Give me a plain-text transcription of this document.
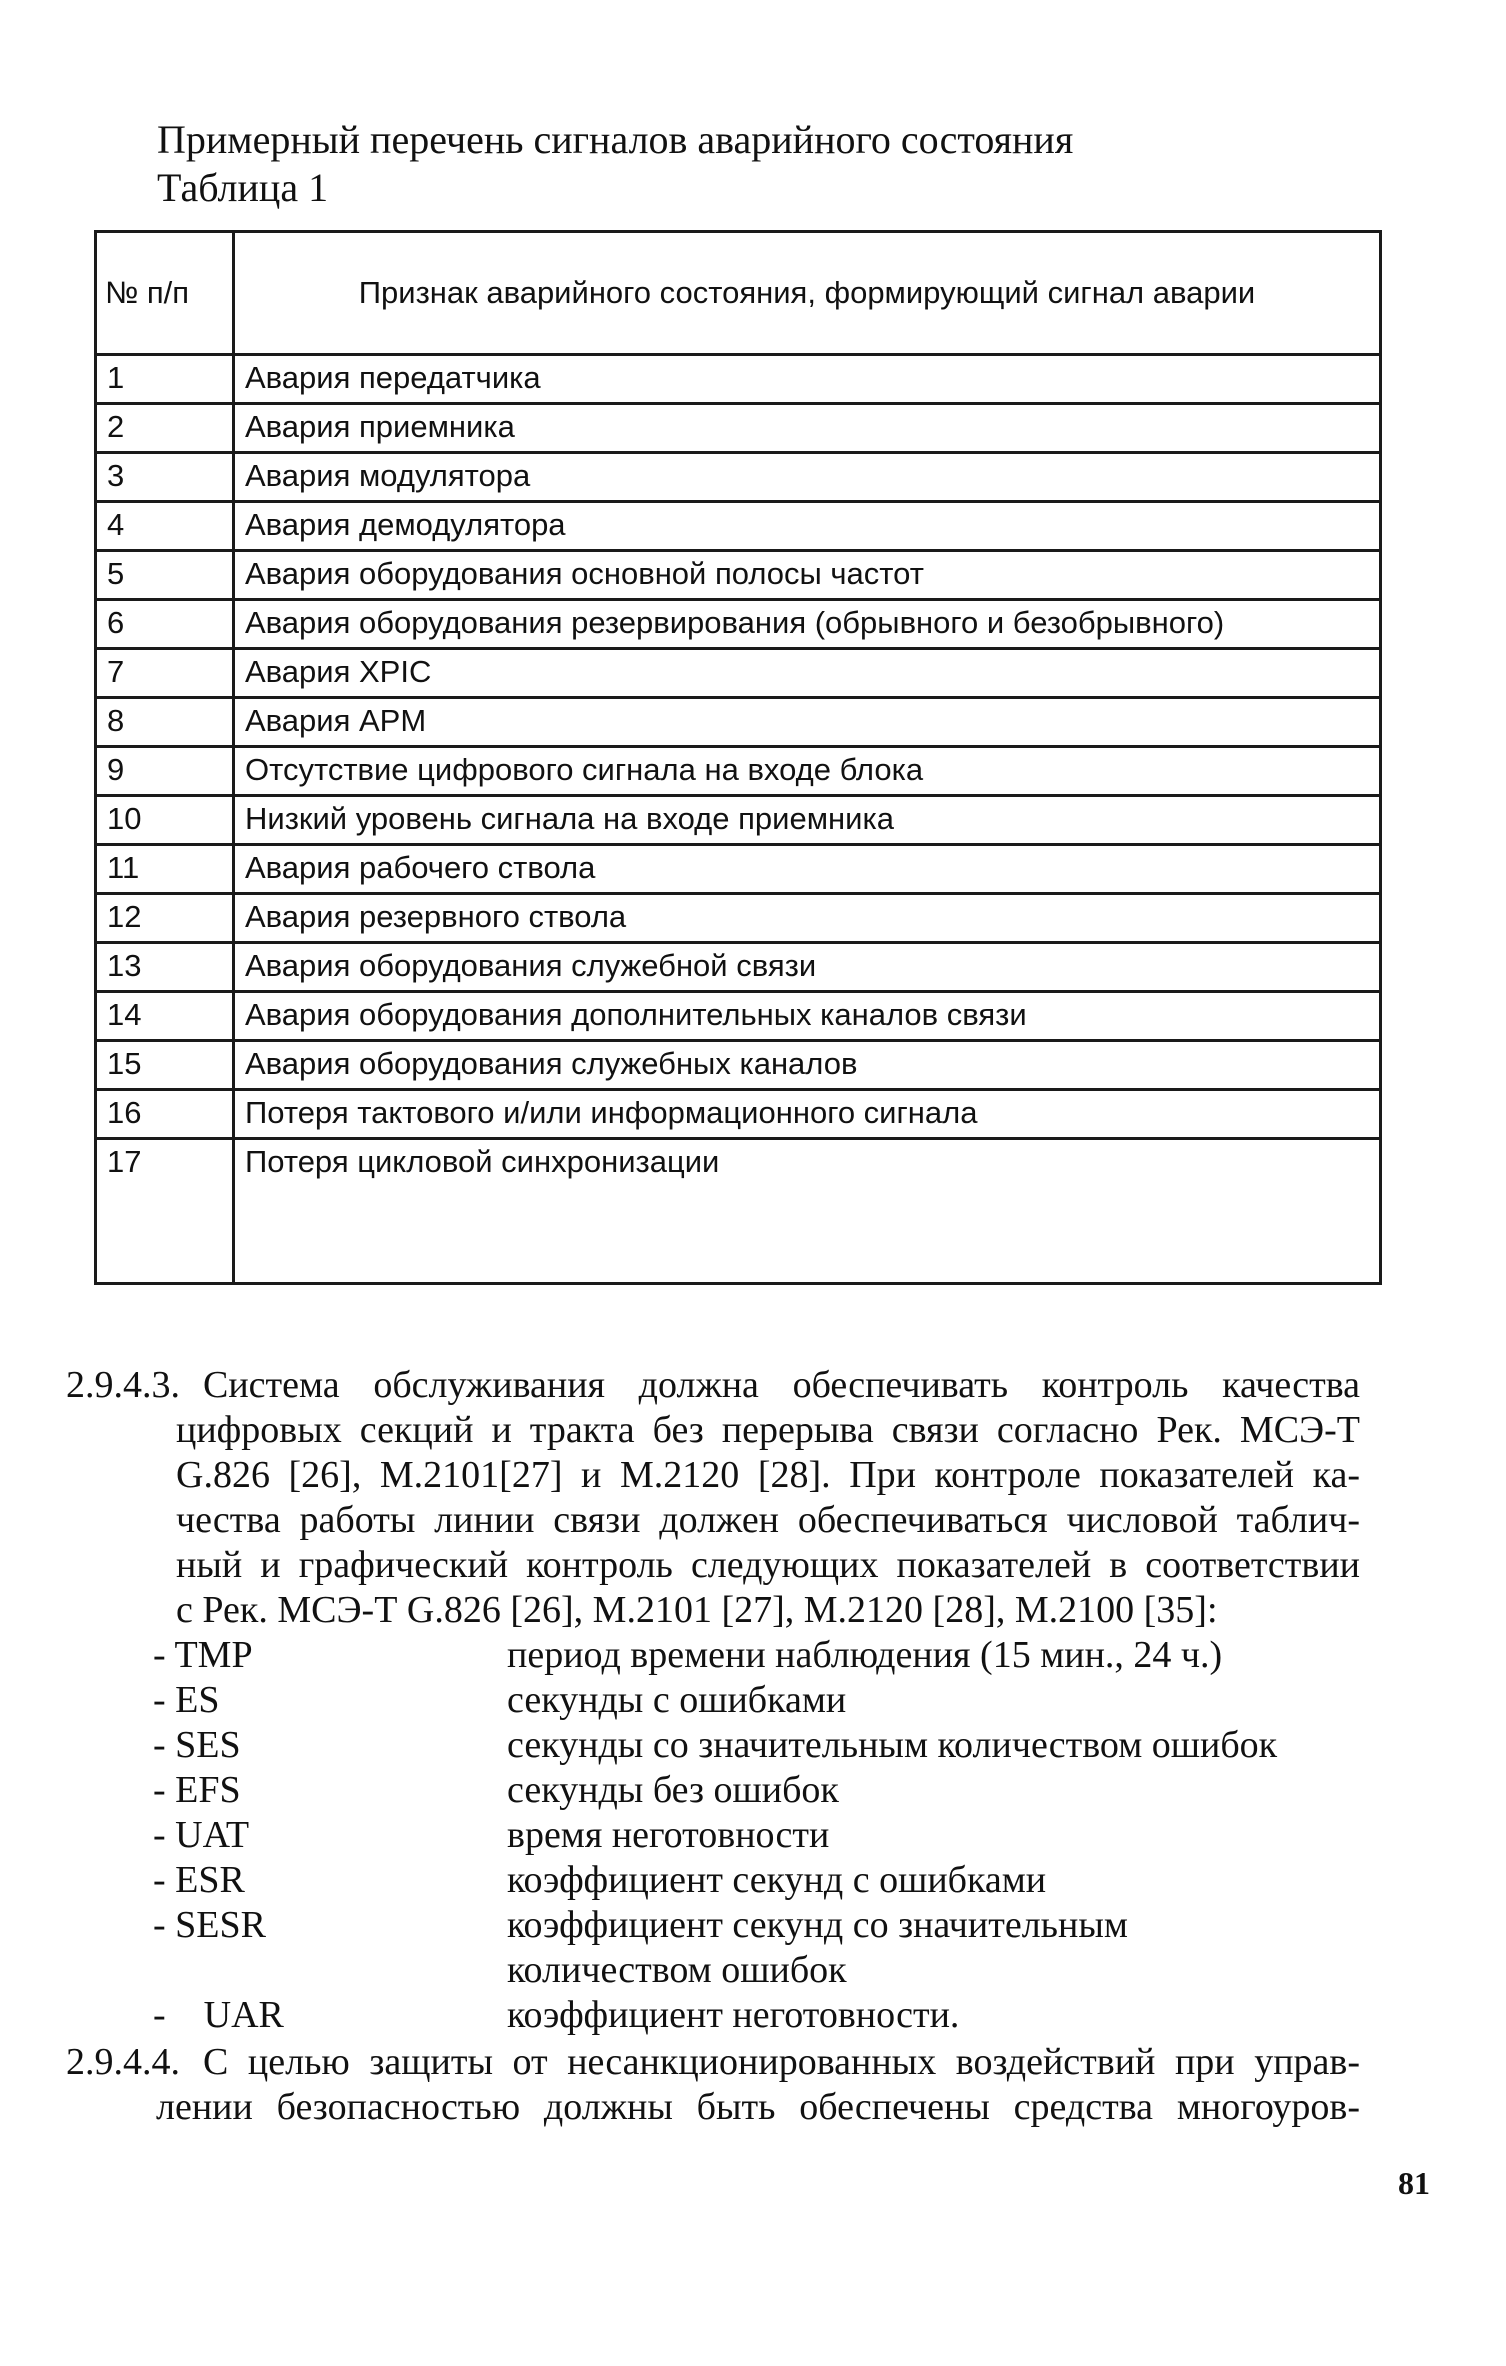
Примерный перечень сигналов аварийного состояния
Таблица 1
№ п/п	Признак аварийного состояния, формирующий сигнал аварии
1	Авария передатчика
2	Авария приемника
3	Авария модулятора
4	Авария демодулятора
5	Авария оборудования основной полосы частот
6	Авария оборудования резервирования (обрывного и безобрывного)
7	Авария XPIC
8	Авария APM
9	Отсутствие цифрового сигнала на входе блока
10	Низкий уровень сигнала на входе приемника
11	Авария рабочего ствола
12	Авария резервного ствола
13	Авария оборудования служебной связи
14	Авария оборудования дополнительных каналов связи
15	Авария оборудования служебных каналов
16	Потеря тактового и/или информационного сигнала
17	Потеря цикловой синхронизации
2.9.4.3. Система обслуживания должна обеспечивать контроль качества
цифровых секций и тракта без перерыва связи согласно Рек. МСЭ-Т
G.826 [26], М.2101[27] и М.2120 [28]. При контроле показателей ка-
чества работы линии связи должен обеспечиваться числовой таблич-
ный и графический контроль следующих показателей в соответствии
с Рек. МСЭ-Т G.826 [26], М.2101 [27], М.2120 [28], М.2100 [35]:
- TMP	период времени наблюдения (15 мин., 24 ч.)
- ES	секунды с ошибками
- SES	секунды со значительным количеством ошибок
- EFS	секунды без ошибок
- UAT	время неготовности
- ESR	коэффициент секунд с ошибками
- SESR	коэффициент секунд со значительным
количеством ошибок
-    UAR	коэффициент неготовности.
2.9.4.4. С целью защиты от несанкционированных воздействий при управ-
лении безопасностью должны быть обеспечены средства многоуров-
81
